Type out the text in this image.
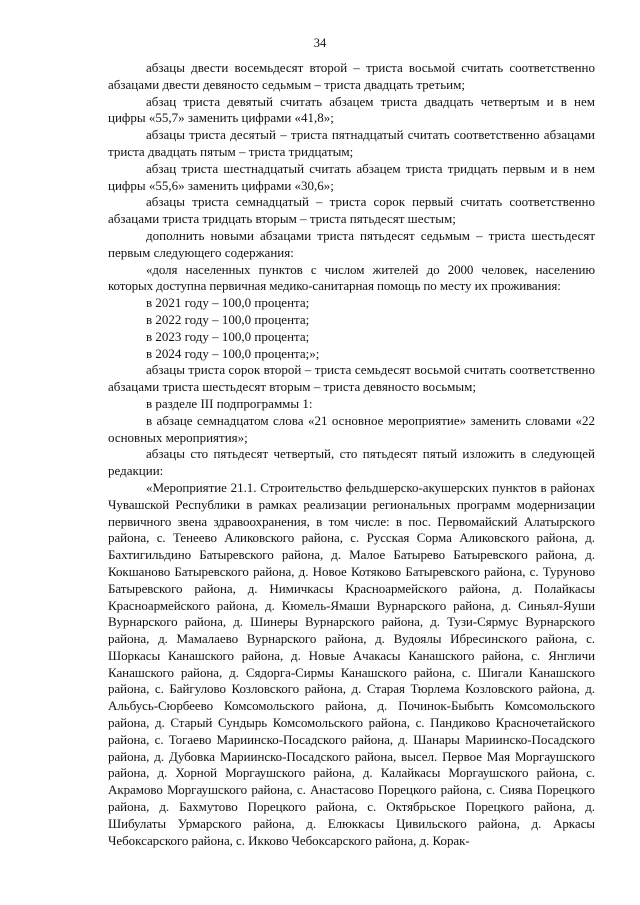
34

абзацы двести восемьдесят второй – триста восьмой считать соответственно абзацами двести девяносто седьмым – триста двадцать третьим;

абзац триста девятый считать абзацем триста двадцать четвертым и в нем цифры «55,7» заменить цифрами «41,8»;

абзацы триста десятый – триста пятнадцатый считать соответственно абзацами триста двадцать пятым – триста тридцатым;

абзац триста шестнадцатый считать абзацем триста тридцать первым и в нем цифры «55,6» заменить цифрами «30,6»;

абзацы триста семнадцатый – триста сорок первый считать соответственно абзацами триста тридцать вторым – триста пятьдесят шестым;

дополнить новыми абзацами триста пятьдесят седьмым – триста шестьдесят первым следующего содержания:

«доля населенных пунктов с числом жителей до 2000 человек, населению которых доступна первичная медико-санитарная помощь по месту их проживания:

в 2021 году – 100,0 процента;

в 2022 году – 100,0 процента;

в 2023 году – 100,0 процента;

в 2024 году – 100,0 процента;»;

абзацы триста сорок второй – триста семьдесят восьмой считать соответственно абзацами триста шестьдесят вторым – триста девяносто восьмым;

в разделе III подпрограммы 1:

в абзаце семнадцатом слова «21 основное мероприятие» заменить словами «22 основных мероприятия»;

абзацы сто пятьдесят четвертый, сто пятьдесят пятый изложить в следующей редакции:

«Мероприятие 21.1. Строительство фельдшерско-акушерских пунктов в районах Чувашской Республики в рамках реализации региональных программ модернизации первичного звена здравоохранения, в том числе: в пос. Первомайский Алатырского района, с. Тенеево Аликовского района, с. Русская Сорма Аликовского района, д. Бахтигильдино Батыревского района, д. Малое Батырево Батыревского района, д. Кокшаново Батыревского района, д. Новое Котяково Батыревского района, с. Туруново Батыревского района, д. Нимичкасы Красноармейского района, д. Полайкасы Красноармейского района, д. Кюмель-Ямаши Вурнарского района, д. Синьял-Яуши Вурнарского района, д. Шинеры Вурнарского района, д. Тузи-Сярмус Вурнарского района, д. Мамалаево Вурнарского района, д. Вудоялы Ибресинского района, с. Шоркасы Канашского района, д. Новые Ачакасы Канашского района, с. Янгличи Канашского района, д. Сядорга-Сирмы Канашского района, с. Шигали Канашского района, с. Байгулово Козловского района, д. Старая Тюрлема Козловского района, д. Альбусь-Сюрбеево Комсомольского района, д. Починок-Быбыть Комсомольского района, д. Старый Сундырь Комсомольского района, с. Пандиково Красночетайского района, с. Тогаево Мариинско-Посадского района, д. Шанары Мариинско-Посадского района, д. Дубовка Мариинско-Посадского района, высел. Первое Мая Моргаушского района, д. Хорной Моргаушского района, д. Калайкасы Моргаушского района, с. Акрамово Моргаушского района, с. Анастасово Порецкого района, с. Сиява Порецкого района, д. Бахмутово Порецкого района, с. Октябрьское Порецкого района, д. Шибулаты Урмарского района, д. Елюккасы Цивильского района, д. Аркасы Чебоксарского района, с. Икково Чебоксарского района, д. Корак-
